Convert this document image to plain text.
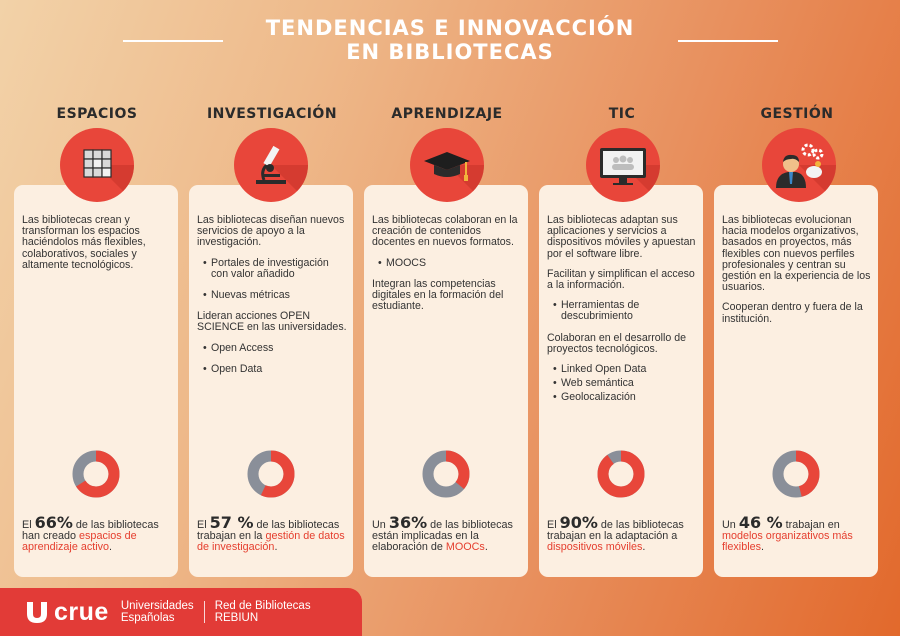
TENDENCIAS E INNOVACCIÓN
EN BIBLIOTECAS
ESPACIOS	INVESTIGACIÓN	APRENDIZAJE	TIC	GESTIÓN

Las bibliotecas crean y transforman los espacios haciéndolos más flexibles, colaborativos, sociales y altamente tecnológicos.

El 66% de las bibliotecas han creado espacios de aprendizaje activo.

Las bibliotecas diseñan nuevos servicios de apoyo a la investigación.

• Portales de investigación con valor añadido
• Nuevas métricas

Lideran acciones OPEN SCIENCE en las universidades.

• Open Access
• Open Data
El 57 % de las bibliotecas trabajan en la gestión de datos de investigación.

Las bibliotecas colaboran en la creación de contenidos docentes en nuevos formatos.

• MOOCS

Integran las competencias digitales en la formación del estudiante.

Un 36% de las bibliotecas están implicadas en la elaboración de MOOCs.

Las bibliotecas adaptan sus aplicaciones y servicios a dispositivos móviles y apuestan por el software libre.

Facilitan y simplifican el acceso a la información.

• Herramientas de descubrimiento

Colaboran en el desarrollo de proyectos tecnológicos.

• Linked Open Data
• Web semántica
• Geolocalización
El 90% de las bibliotecas trabajan en la adaptación a dispositivos móviles.

Las bibliotecas evolucionan hacia modelos organizativos, basados en proyectos, más flexibles con nuevos perfiles profesionales y centran su gestión en la experiencia de los usuarios.

Cooperan dentro y fuera de la institución.

Un 46 % trabajan en modelos organizativos más flexibles.
crue Universidades
Españolas
Red de Bibliotecas
REBIUN
